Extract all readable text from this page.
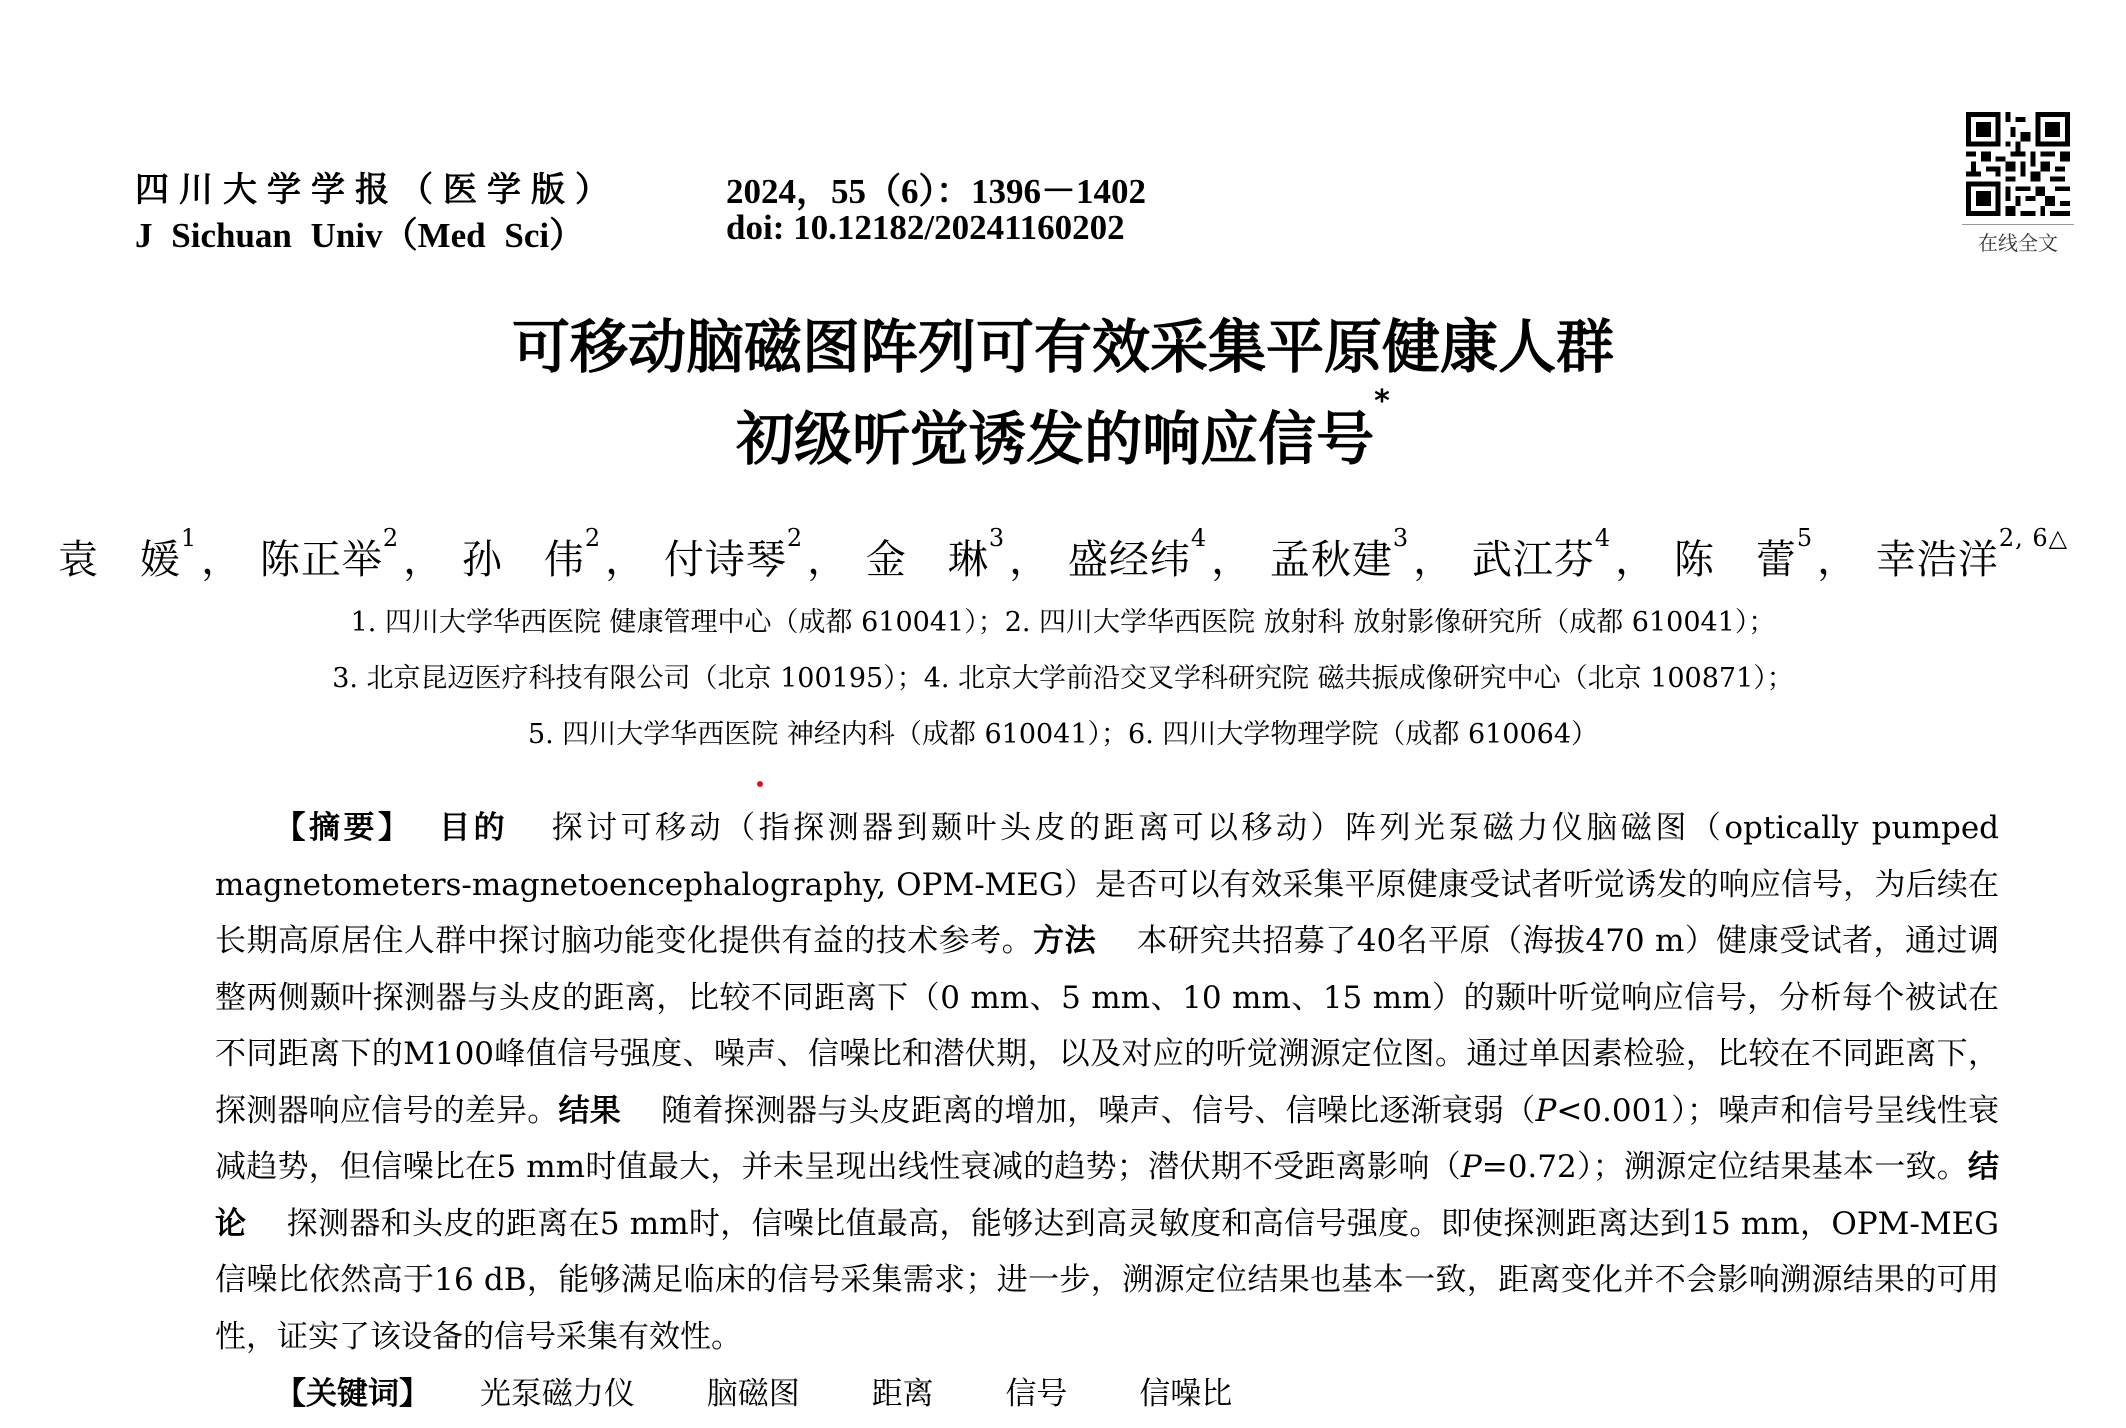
四川大学学报（医学版）
J Sichuan Univ（Med Sci）
2024，55（6）：1396－1402
doi: 10.12182/20241160202	在线全文
可移动脑磁图阵列可有效采集平原健康人群
初级听觉诱发的响应信号*
袁　媛$^1$ ， 陈正举$^2$ ， 孙　伟$^2$ ， 付诗琴$^2$ ， 金　琳$^3$ ， 盛经纬$^4$ ， 孟秋建$^3$ ， 武江芬$^4$ ， 陈　蕾$^5$ ， 幸浩洋$^{2, 6\triangle}$
1. 四川大学华西医院 健康管理中心（成都 610041）；2. 四川大学华西医院 放射科 放射影像研究所（成都 610041）；
3. 北京昆迈医疗科技有限公司（北京 100195）；4. 北京大学前沿交叉学科研究院 磁共振成像研究中心（北京 100871）；
5. 四川大学华西医院 神经内科（成都 610041）；6. 四川大学物理学院（成都 610064）
【摘要】 目的 探讨可移动（指探测器到颞叶头皮的距离可以移动）阵列光泵磁力仪脑磁图（optically pumped magnetometers-magnetoencephalography, OPM-MEG）是否可以有效采集平原健康受试者听觉诱发的响应信号，为后续在长期高原居住人群中探讨脑功能变化提供有益的技术参考。方法 本研究共招募了40名平原（海拔470 m）健康受试者，通过调整两侧颞叶探测器与头皮的距离，比较不同距离下（0 mm、5 mm、10 mm、15 mm）的颞叶听觉响应信号，分析每个被试在不同距离下的M100峰值信号强度、噪声、信噪比和潜伏期，以及对应的听觉溯源定位图。通过单因素检验，比较在不同距离下，探测器响应信号的差异。结果 随着探测器与头皮距离的增加，噪声、信号、信噪比逐渐衰弱（P<0.001）；噪声和信号呈线性衰减趋势，但信噪比在5 mm时值最大，并未呈现出线性衰减的趋势；潜伏期不受距离影响（P=0.72）；溯源定位结果基本一致。结论 探测器和头皮的距离在5 mm时，信噪比值最高，能够达到高灵敏度和高信号强度。即使探测距离达到15 mm，OPM-MEG信噪比依然高于16 dB，能够满足临床的信号采集需求；进一步，溯源定位结果也基本一致，距离变化并不会影响溯源结果的可用性，证实了该设备的信号采集有效性。
【关键词】 光泵磁力仪 脑磁图 距离 信号 信噪比
